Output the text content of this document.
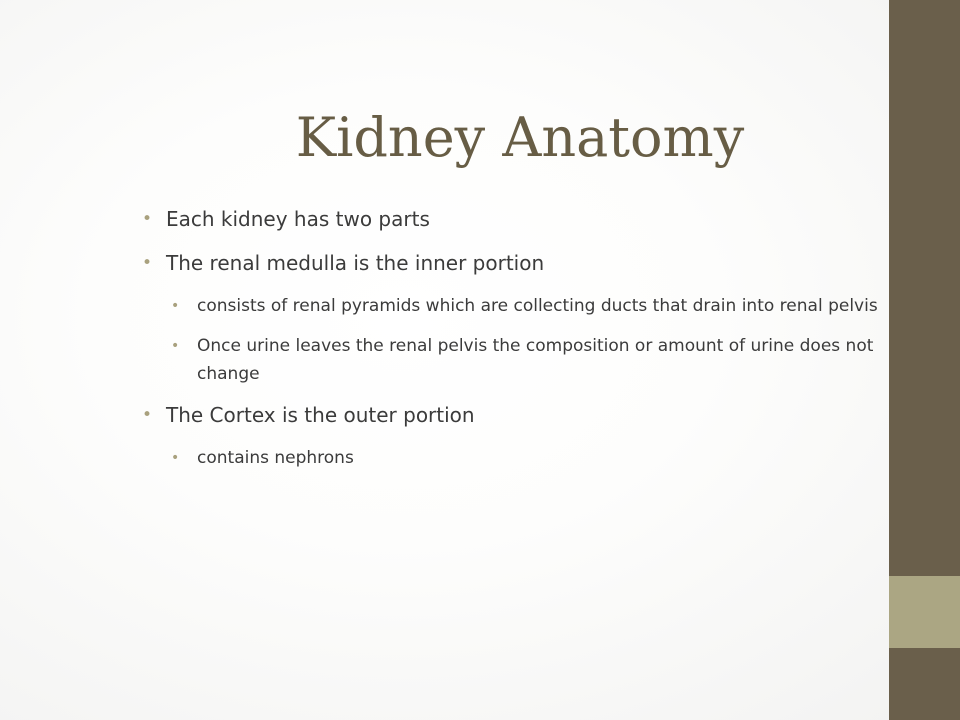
Kidney Anatomy
• Each kidney has two parts
• The renal medulla is the inner portion
• consists of renal pyramids which are collecting ducts that drain into renal pelvis
• Once urine leaves the renal pelvis the composition or amount of urine does not change
• The Cortex is the outer portion
• contains nephrons
